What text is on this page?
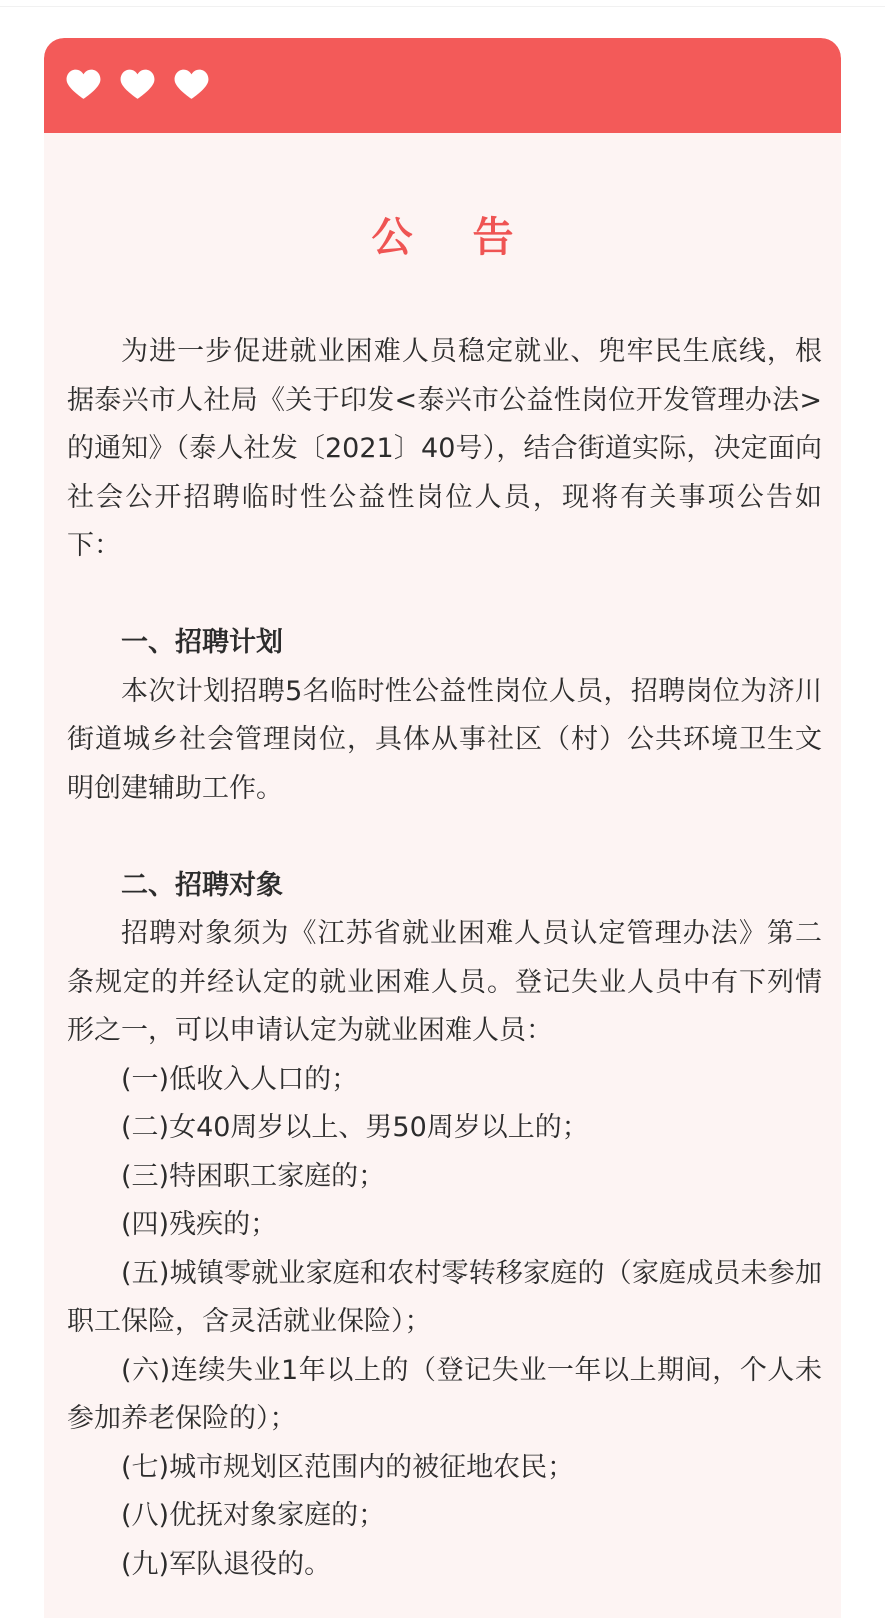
公告

为进一步促进就业困难人员稳定就业、兜牢民生底线，根据泰兴市人社局《关于印发<泰兴市公益性岗位开发管理办法>的通知》（泰人社发〔2021〕40号），结合街道实际，决定面向社会公开招聘临时性公益性岗位人员，现将有关事项公告如下：

一、招聘计划

本次计划招聘5名临时性公益性岗位人员，招聘岗位为济川街道城乡社会管理岗位，具体从事社区（村）公共环境卫生文明创建辅助工作。

二、招聘对象

招聘对象须为《江苏省就业困难人员认定管理办法》第二条规定的并经认定的就业困难人员。登记失业人员中有下列情形之一，可以申请认定为就业困难人员：

(一)低收入人口的；

(二)女40周岁以上、男50周岁以上的；

(三)特困职工家庭的；

(四)残疾的；

(五)城镇零就业家庭和农村零转移家庭的（家庭成员未参加职工保险，含灵活就业保险）；

(六)连续失业1年以上的（登记失业一年以上期间，个人未参加养老保险的）；

(七)城市规划区范围内的被征地农民；

(八)优抚对象家庭的；

(九)军队退役的。
